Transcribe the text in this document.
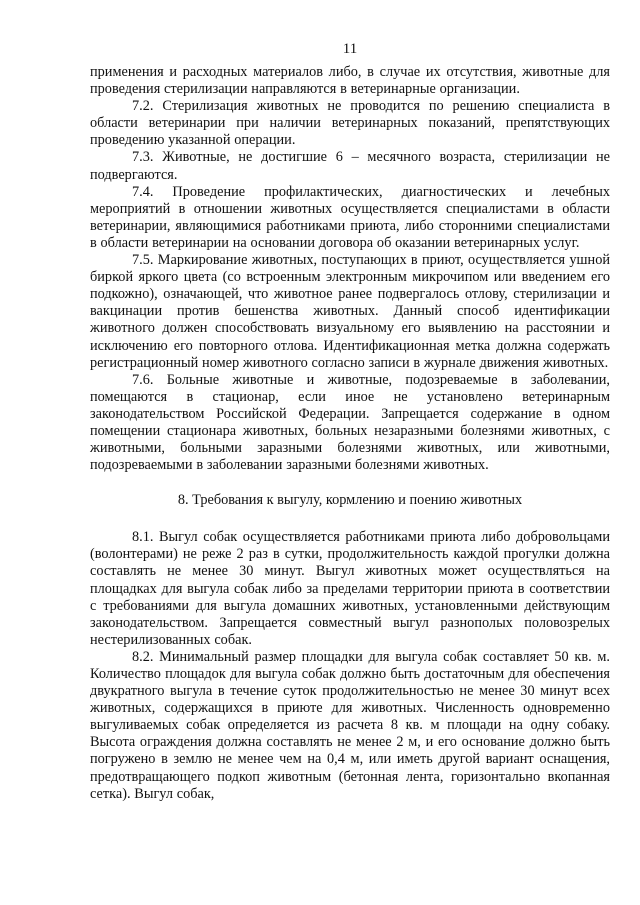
11

применения и расходных материалов либо, в случае их отсутствия, животные для проведения стерилизации направляются в ветеринарные организации.

7.2. Стерилизация животных не проводится по решению специалиста в области ветеринарии при наличии ветеринарных показаний, препятствующих проведению указанной операции.

7.3. Животные, не достигшие 6 – месячного возраста, стерилизации не подвергаются.

7.4. Проведение профилактических, диагностических и лечебных мероприятий в отношении животных осуществляется специалистами в области ветеринарии, являющимися работниками приюта, либо сторонними специалистами в области ветеринарии на основании договора об оказании ветеринарных услуг.

7.5. Маркирование животных, поступающих в приют, осуществляется ушной биркой яркого цвета (со встроенным электронным микрочипом или введением его подкожно), означающей, что животное ранее подвергалось отлову, стерилизации и вакцинации против бешенства животных. Данный способ идентификации животного должен способствовать визуальному его выявлению на расстоянии и исключению его повторного отлова. Идентификационная метка должна содержать регистрационный номер животного согласно записи в журнале движения животных.

7.6. Больные животные и животные, подозреваемые в заболевании, помещаются в стационар, если иное не установлено ветеринарным законодательством Российской Федерации. Запрещается содержание в одном помещении стационара животных, больных незаразными болезнями животных, с животными, больными заразными болезнями животных, или животными, подозреваемыми в заболевании заразными болезнями животных.

8. Требования к выгулу, кормлению и поению животных

8.1. Выгул собак осуществляется работниками приюта либо добровольцами (волонтерами) не реже 2 раз в сутки, продолжительность каждой прогулки должна составлять не менее 30 минут. Выгул животных может осуществляться на площадках для выгула собак либо за пределами территории приюта в соответствии с требованиями для выгула домашних животных, установленными действующим законодательством. Запрещается совместный выгул разнополых половозрелых нестерилизованных собак.

8.2. Минимальный размер площадки для выгула собак составляет 50 кв. м. Количество площадок для выгула собак должно быть достаточным для обеспечения двукратного выгула в течение суток продолжительностью не менее 30 минут всех животных, содержащихся в приюте для животных. Численность одновременно выгуливаемых собак определяется из расчета 8 кв. м площади на одну собаку. Высота ограждения должна составлять не менее 2 м, и его основание должно быть погружено в землю не менее чем на 0,4 м, или иметь другой вариант оснащения, предотвращающего подкоп животным (бетонная лента, горизонтально вкопанная сетка). Выгул собак,
